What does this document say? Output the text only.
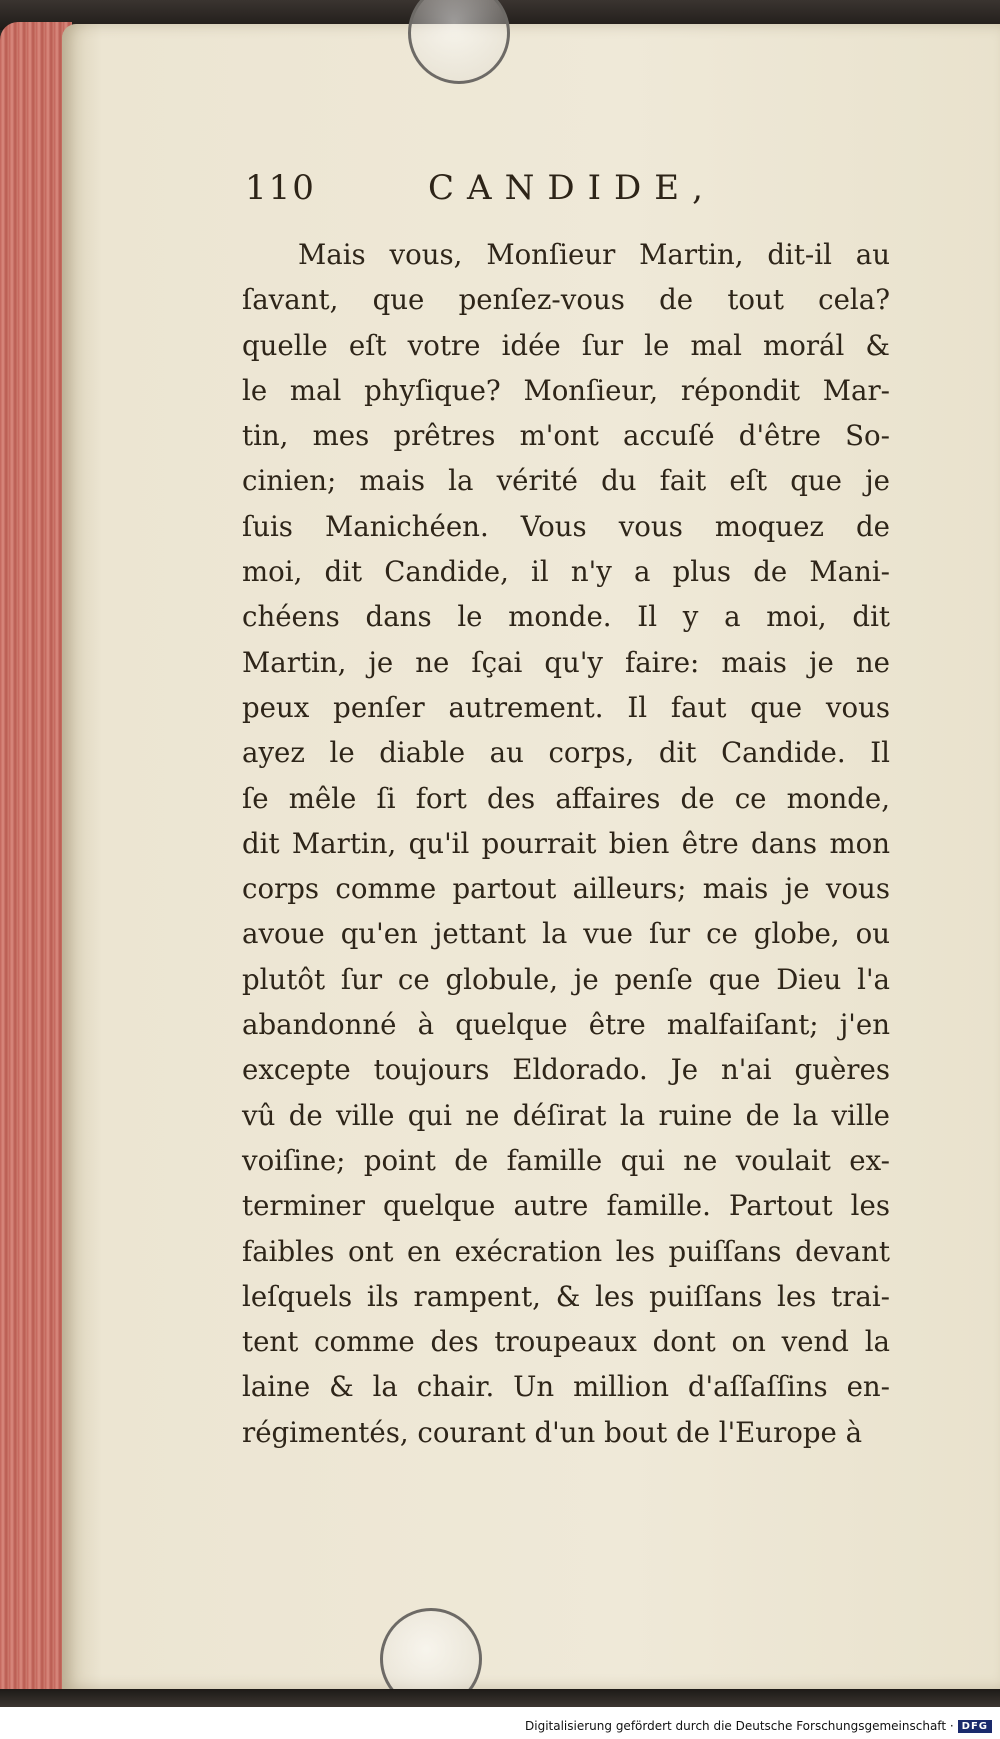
110	CANDIDE,
Mais vous, Monſieur Martin, dit-il au
ſavant, que penſez-vous de tout cela?
quelle eſt votre idée ſur le mal morál &
le mal phyſique? Monſieur, répondit Mar-
tin, mes prêtres m'ont accuſé d'être So-
cinien; mais la vérité du fait eſt que je
ſuis Manichéen. Vous vous moquez de
moi, dit Candide, il n'y a plus de Mani-
chéens dans le monde. Il y a moi, dit
Martin, je ne ſçai qu'y faire: mais je ne
peux penſer autrement. Il faut que vous
ayez le diable au corps, dit Candide. Il
ſe mêle ſi fort des affaires de ce monde,
dit Martin, qu'il pourrait bien être dans mon
corps comme partout ailleurs; mais je vous
avoue qu'en jettant la vue ſur ce globe, ou
plutôt ſur ce globule, je penſe que Dieu l'a
abandonné à quelque être malfaiſant; j'en
excepte toujours Eldorado. Je n'ai guères
vû de ville qui ne déſirat la ruine de la ville
voiſine; point de famille qui ne voulait ex-
terminer quelque autre famille. Partout les
faibles ont en exécration les puiſſans devant
leſquels ils rampent, & les puiſſans les trai-
tent comme des troupeaux dont on vend la
laine & la chair. Un million d'aſſaſſins en-
régimentés, courant d'un bout de l'Europe à
Digitalisierung gefördert durch die Deutsche Forschungsgemeinschaft · DFG
